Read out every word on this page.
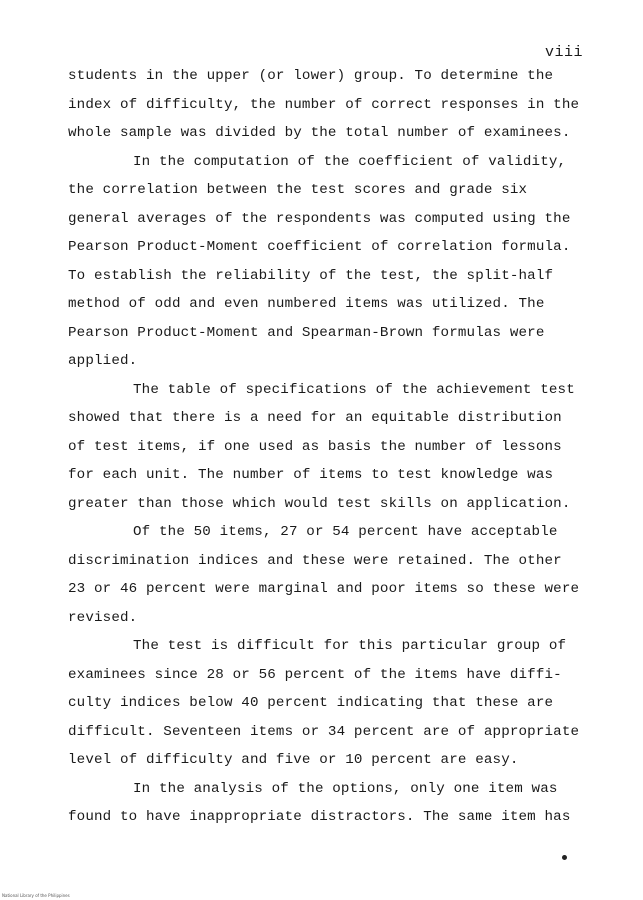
viii
students in the upper (or lower) group. To determine the
index of difficulty, the number of correct responses in the
whole sample was divided by the total number of examinees.
In the computation of the coefficient of validity,
the correlation between the test scores and grade six
general averages of the respondents was computed using the
Pearson Product-Moment coefficient of correlation formula.
To establish the reliability of the test, the split-half
method of odd and even numbered items was utilized. The
Pearson Product-Moment and Spearman-Brown formulas were
applied.
The table of specifications of the achievement test
showed that there is a need for an equitable distribution
of test items, if one used as basis the number of lessons
for each unit. The number of items to test knowledge was
greater than those which would test skills on application.
Of the 50 items, 27 or 54 percent have acceptable
discrimination indices and these were retained. The other
23 or 46 percent were marginal and poor items so these were
revised.
The test is difficult for this particular group of
examinees since 28 or 56 percent of the items have diffi-
culty indices below 40 percent indicating that these are
difficult. Seventeen items or 34 percent are of appropriate
level of difficulty and five or 10 percent are easy.
In the analysis of the options, only one item was
found to have inappropriate distractors. The same item has
National Library of the Philippines
